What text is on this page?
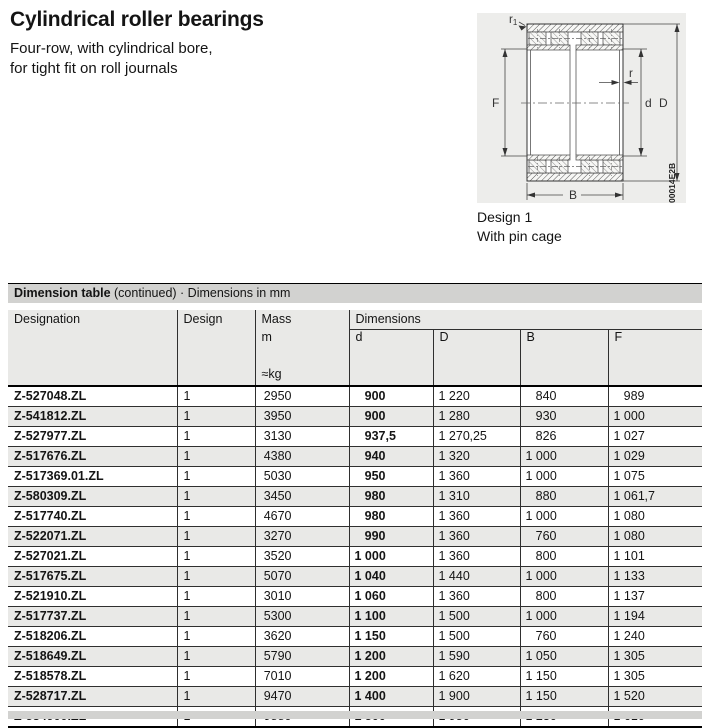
Cylindrical roller bearings
Four-row, with cylindrical bore,
for tight fit on roll journals
F	d D
B
r
r1
00014E2B
Design 1
With pin cage
Dimension table (continued) · Dimensions in mm
Designation	Design	Mass	Dimensions			
		m	d	D	B	F
		≈kg				
Z-527048.ZL	1	2950	900	1 220	840	989
Z-541812.ZL	1	3950	900	1 280	930	1 000
Z-527977.ZL	1	3130	937,5	1 270,25	826	1 027
Z-517676.ZL	1	4380	940	1 320	1 000	1 029
Z-517369.01.ZL	1	5030	950	1 360	1 000	1 075
Z-580309.ZL	1	3450	980	1 310	880	1 061,7
Z-517740.ZL	1	4670	980	1 360	1 000	1 080
Z-522071.ZL	1	3270	990	1 360	760	1 080
Z-527021.ZL	1	3520	1 000	1 360	800	1 101
Z-517675.ZL	1	5070	1 040	1 440	1 000	1 133
Z-521910.ZL	1	3010	1 060	1 360	800	1 137
Z-517737.ZL	1	5300	1 100	1 500	1 000	1 194
Z-518206.ZL	1	3620	1 150	1 500	760	1 240
Z-518649.ZL	1	5790	1 200	1 590	1 050	1 305
Z-518578.ZL	1	7010	1 200	1 620	1 150	1 305
Z-528717.ZL	1	9470	1 400	1 900	1 150	1 520
